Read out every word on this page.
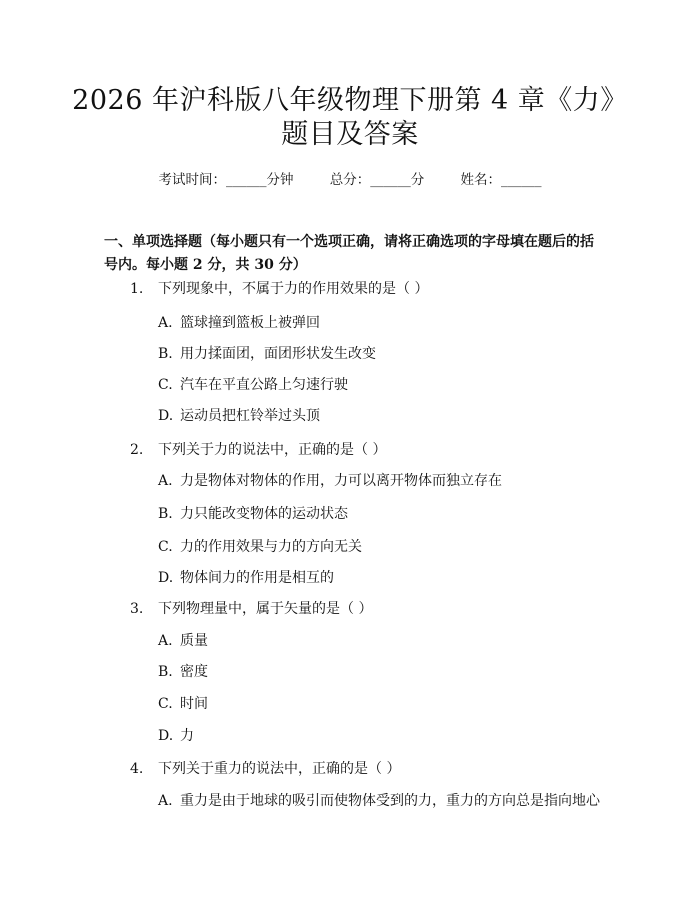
2026 年沪科版八年级物理下册第 4 章《力》
题目及答案
考试时间：______分钟	总分：______分	姓名：______
一、单项选择题（每小题只有一个选项正确，请将正确选项的字母填在题后的括号内。每小题 2 分，共 30 分）
1. 下列现象中，不属于力的作用效果的是（ ）
A. 篮球撞到篮板上被弹回
B. 用力揉面团，面团形状发生改变
C. 汽车在平直公路上匀速行驶
D. 运动员把杠铃举过头顶
2. 下列关于力的说法中，正确的是（ ）
A. 力是物体对物体的作用，力可以离开物体而独立存在
B. 力只能改变物体的运动状态
C. 力的作用效果与力的方向无关
D. 物体间力的作用是相互的
3. 下列物理量中，属于矢量的是（ ）
A. 质量
B. 密度
C. 时间
D. 力
4. 下列关于重力的说法中，正确的是（ ）
A. 重力是由于地球的吸引而使物体受到的力，重力的方向总是指向地心
